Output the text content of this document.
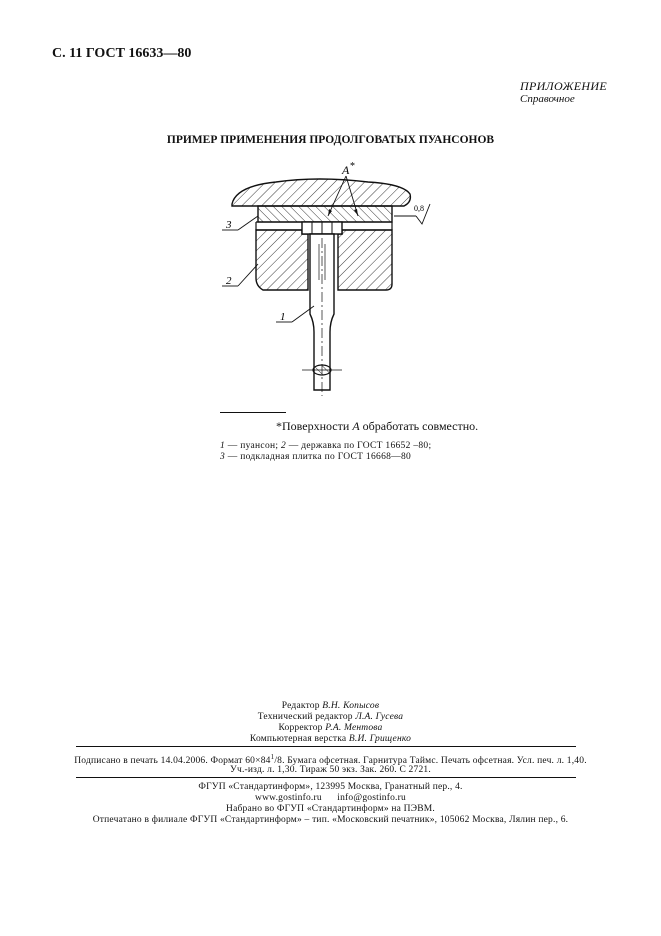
С. 11 ГОСТ 16633—80
ПРИЛОЖЕНИЕ
Справочное
ПРИМЕР ПРИМЕНЕНИЯ ПРОДОЛГОВАТЫХ ПУАНСОНОВ
А *
0,8
3
2
1
*Поверхности А обработать совместно.
1 — пуансон; 2 — державка по ГОСТ 16652 –80;
3 — подкладная плитка по ГОСТ 16668—80
Редактор В.Н. Копысов
Технический редактор Л.А. Гусева
Корректор Р.А. Ментова
Компьютерная верстка В.И. Грищенко
Подписано в печать 14.04.2006. Формат $60\times 84^1/8$. Бумага офсетная. Гарнитура Таймс. Печать офсетная. Усл. печ. л. 1,40.
Уч.-изд. л. 1,30. Тираж 50 экз. Зак. 260. С 2721.
ФГУП «Стандартинформ», 123995 Москва, Гранатный пер., 4.
www.gostinfo.ru info@gostinfo.ru
Набрано во ФГУП «Стандартинформ» на ПЭВМ.
Отпечатано в филиале ФГУП «Стандартинформ» – тип. «Московский печатник», 105062 Москва, Лялин пер., 6.
